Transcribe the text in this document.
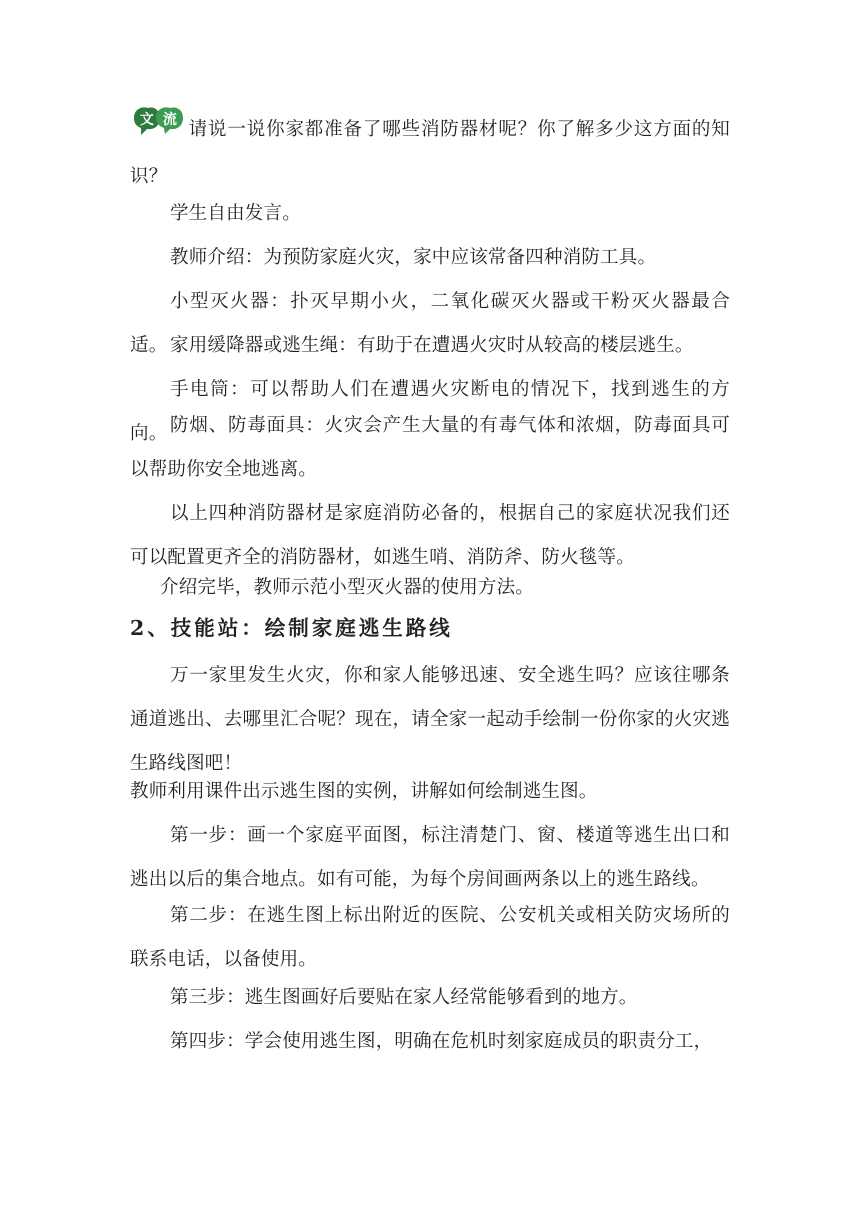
文 流 请说一说你家都准备了哪些消防器材呢？你了解多少这方面的知识？

学生自由发言。

教师介绍：为预防家庭火灾，家中应该常备四种消防工具。

小型灭火器：扑灭早期小火，二氧化碳灭火器或干粉灭火器最合适。 家用缓降器或逃生绳：有助于在遭遇火灾时从较高的楼层逃生。

手电筒：可以帮助人们在遭遇火灾断电的情况下，找到逃生的方向。 防烟、防毒面具：火灾会产生大量的有毒气体和浓烟，防毒面具可以帮助你安全地逃离。

以上四种消防器材是家庭消防必备的，根据自己的家庭状况我们还可以配置更齐全的消防器材，如逃生哨、消防斧、防火毯等。

介绍完毕，教师示范小型灭火器的使用方法。

2、技能站：绘制家庭逃生路线

万一家里发生火灾，你和家人能够迅速、安全逃生吗？应该往哪条通道逃出、去哪里汇合呢？现在，请全家一起动手绘制一份你家的火灾逃生路线图吧！

教师利用课件出示逃生图的实例，讲解如何绘制逃生图。

第一步：画一个家庭平面图，标注清楚门、窗、楼道等逃生出口和逃出以后的集合地点。如有可能，为每个房间画两条以上的逃生路线。

第二步：在逃生图上标出附近的医院、公安机关或相关防灾场所的联系电话，以备使用。

第三步：逃生图画好后要贴在家人经常能够看到的地方。

第四步：学会使用逃生图，明确在危机时刻家庭成员的职责分工，
